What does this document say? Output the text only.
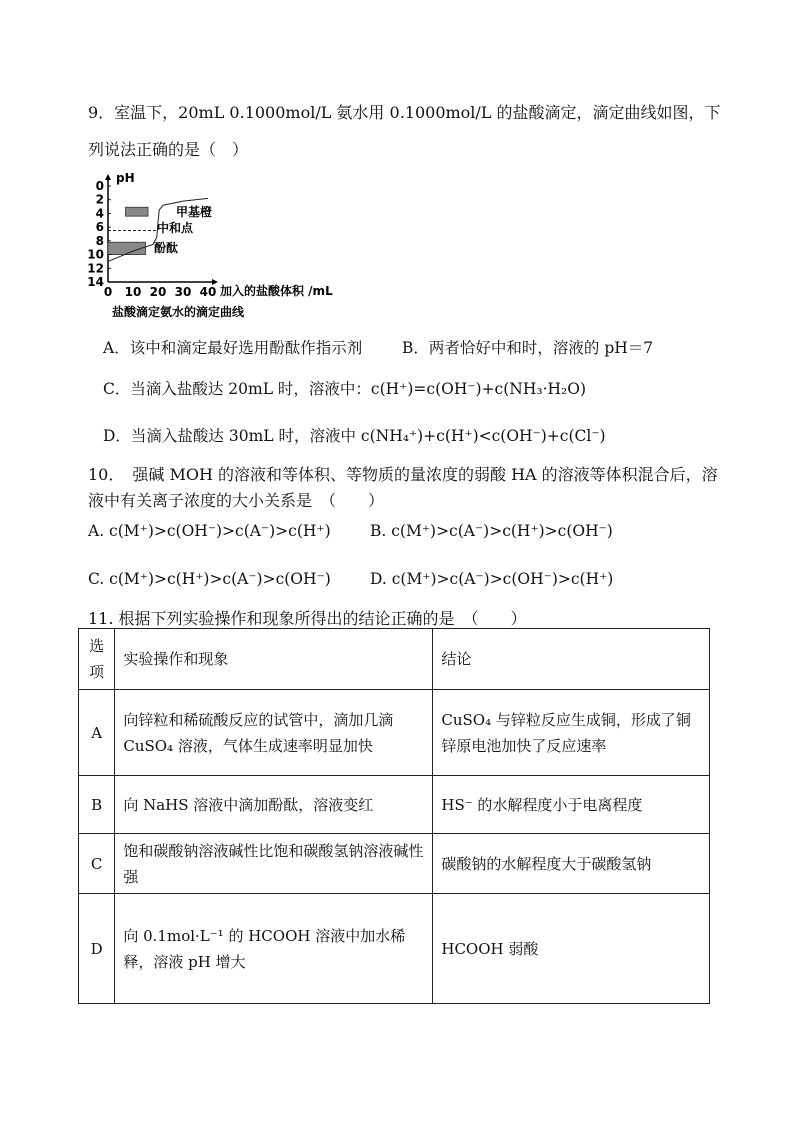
9．室温下，20mL 0.1000mol/L 氨水用 0.1000mol/L 的盐酸滴定，滴定曲线如图，下
列说法正确的是（　）
pH
加入的盐酸体积 /mL
盐酸滴定氨水的滴定曲线
甲基橙
中和点
酚酞
0
2
4
6
8
10
12
14
0 10 20 30 40
A．该中和滴定最好选用酚酞作指示剂	B．两者恰好中和时，溶液的 pH＝7
C．当滴入盐酸达 20mL 时，溶液中：c(H⁺)=c(OH⁻)+c(NH₃·H₂O)
D．当滴入盐酸达 30mL 时，溶液中 c(NH₄⁺)+c(H⁺)<c(OH⁻)+c(Cl⁻)
10．　强碱 MOH 的溶液和等体积、等物质的量浓度的弱酸 HA 的溶液等体积混合后，溶
液中有关离子浓度的大小关系是　（　　）
A. c(M⁺)>c(OH⁻)>c(A⁻)>c(H⁺)	B. c(M⁺)>c(A⁻)>c(H⁺)>c(OH⁻)
C. c(M⁺)>c(H⁺)>c(A⁻)>c(OH⁻)	D. c(M⁺)>c(A⁻)>c(OH⁻)>c(H⁺)
11. 根据下列实验操作和现象所得出的结论正确的是　（　　）
选项	实验操作和现象	结论
A	向锌粒和稀硫酸反应的试管中，滴加几滴 CuSO₄ 溶液，气体生成速率明显加快	CuSO₄ 与锌粒反应生成铜，形成了铜锌原电池加快了反应速率
B	向 NaHS 溶液中滴加酚酞，溶液变红	HS⁻ 的水解程度小于电离程度
C	饱和碳酸钠溶液碱性比饱和碳酸氢钠溶液碱性强	碳酸钠的水解程度大于碳酸氢钠
D	向 0.1mol·L⁻¹ 的 HCOOH 溶液中加水稀释，溶液 pH 增大	HCOOH 弱酸
